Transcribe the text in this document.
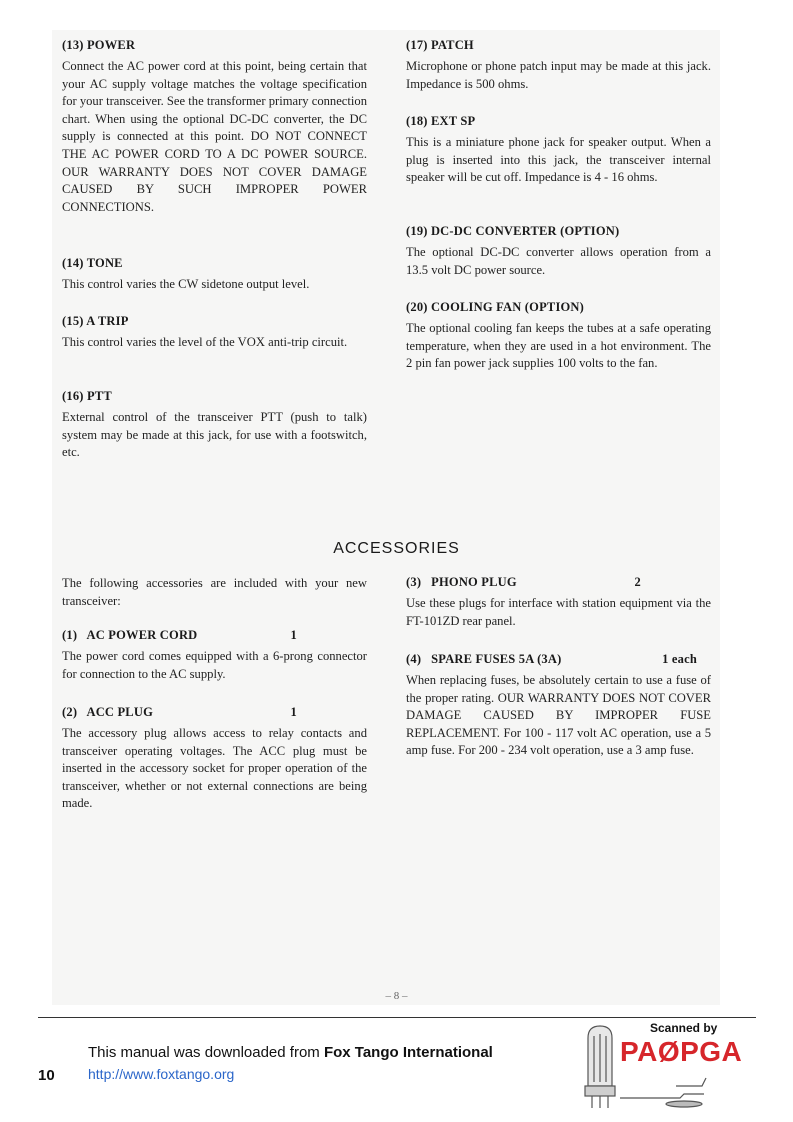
(13) POWER

Connect the AC power cord at this point, being certain that your AC supply voltage matches the voltage specification for your transceiver. See the transformer primary connection chart. When using the optional DC-DC converter, the DC supply is connected at this point. DO NOT CONNECT THE AC POWER CORD TO A DC POWER SOURCE. OUR WARRANTY DOES NOT COVER DAMAGE CAUSED BY SUCH IMPROPER POWER CONNECTIONS.

(14) TONE

This control varies the CW sidetone output level.

(15) A TRIP

This control varies the level of the VOX anti-trip circuit.

(16) PTT

External control of the transceiver PTT (push to talk) system may be made at this jack, for use with a footswitch, etc.

(17) PATCH

Microphone or phone patch input may be made at this jack. Impedance is 500 ohms.

(18) EXT SP

This is a miniature phone jack for speaker output. When a plug is inserted into this jack, the transceiver internal speaker will be cut off. Impedance is 4 - 16 ohms.

(19) DC-DC CONVERTER (OPTION)

The optional DC-DC converter allows operation from a 13.5 volt DC power source.

(20) COOLING FAN (OPTION)

The optional cooling fan keeps the tubes at a safe operating temperature, when they are used in a hot environment. The 2 pin fan power jack supplies 100 volts to the fan.

ACCESSORIES

The following accessories are included with your new transceiver:

(1)   AC POWER CORD	1

The power cord comes equipped with a 6-prong connector for connection to the AC supply.

(2)   ACC PLUG	1

The accessory plug allows access to relay contacts and transceiver operating voltages. The ACC plug must be inserted in the accessory socket for proper operation of the transceiver, whether or not external connections are being made.

(3)   PHONO PLUG	2

Use these plugs for interface with station equipment via the FT-101ZD rear panel.

(4)   SPARE FUSES 5A (3A)	1 each

When replacing fuses, be absolutely certain to use a fuse of the proper rating. OUR WARRANTY DOES NOT COVER DAMAGE CAUSED BY IMPROPER FUSE REPLACEMENT. For 100 - 117 volt AC operation, use a 5 amp fuse. For 200 - 234 volt operation, use a 3 amp fuse.

– 8 –
This manual was downloaded from Fox Tango International
http://www.foxtango.org
10
Scanned by
PAØPGA
